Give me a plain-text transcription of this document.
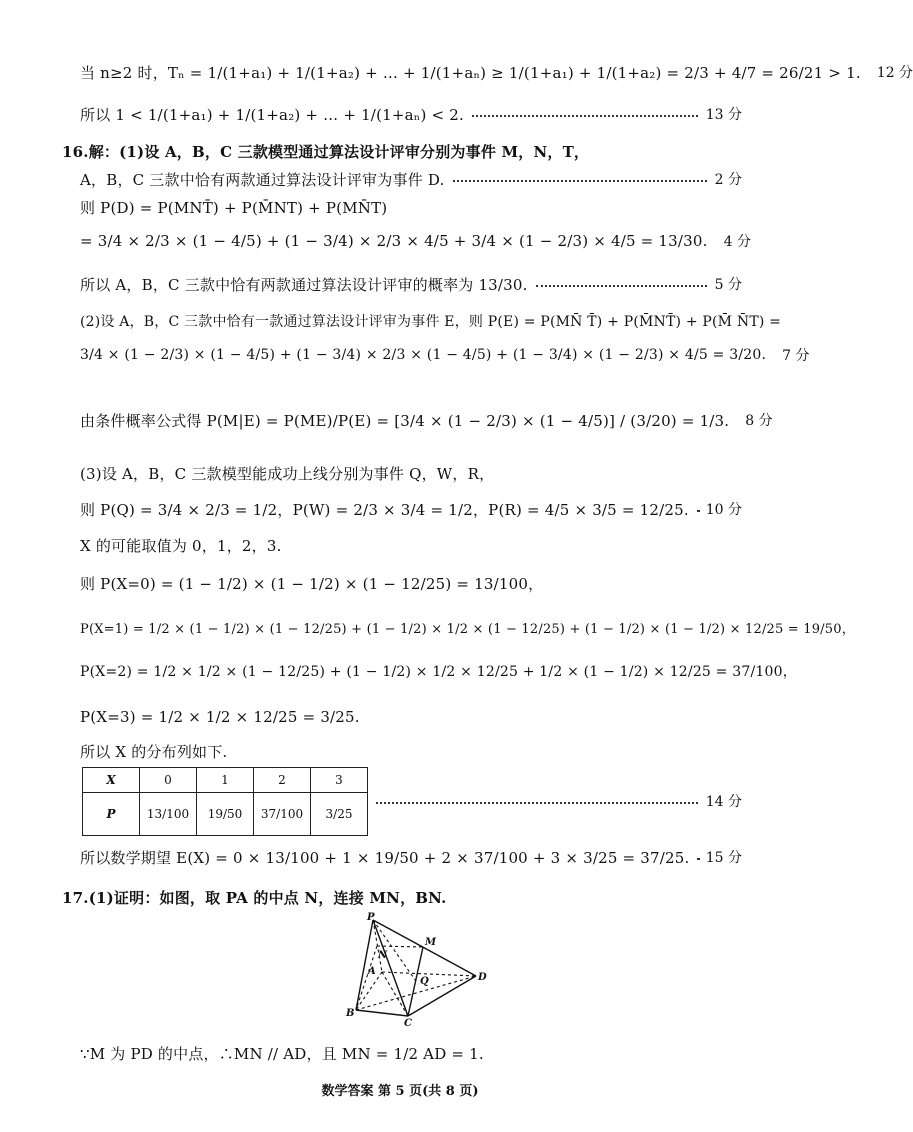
当 n≥2 时，Tₙ = 1/(1+a₁) + 1/(1+a₂) + … + 1/(1+aₙ) ≥ 1/(1+a₁) + 1/(1+a₂) = 2/3 + 4/7 = 26/21 > 1. 12 分
所以 1 < 1/(1+a₁) + 1/(1+a₂) + … + 1/(1+aₙ) < 2.	13 分
16.解：(1)设 A，B，C 三款模型通过算法设计评审分别为事件 M，N，T，
A，B，C 三款中恰有两款通过算法设计评审为事件 D.	2 分
则 P(D) = P(MNT̄) + P(M̄NT) + P(MN̄T)
= 3/4 × 2/3 × (1 − 4/5) + (1 − 3/4) × 2/3 × 4/5 + 3/4 × (1 − 2/3) × 4/5 = 13/30. 4 分
所以 A，B，C 三款中恰有两款通过算法设计评审的概率为 13/30.	5 分
(2)设 A，B，C 三款中恰有一款通过算法设计评审为事件 E，则 P(E) = P(MN̄ T̄) + P(M̄NT̄) + P(M̄ N̄T) =
3/4 × (1 − 2/3) × (1 − 4/5) + (1 − 3/4) × 2/3 × (1 − 4/5) + (1 − 3/4) × (1 − 2/3) × 4/5 = 3/20. 7 分
由条件概率公式得 P(M|E) = P(ME)/P(E) = [3/4 × (1 − 2/3) × (1 − 4/5)] / (3/20) = 1/3. 8 分
(3)设 A，B，C 三款模型能成功上线分别为事件 Q，W，R，
则 P(Q) = 3/4 × 2/3 = 1/2，P(W) = 2/3 × 3/4 = 1/2，P(R) = 4/5 × 3/5 = 12/25. 10 分
X 的可能取值为 0，1，2，3.
则 P(X=0) = (1 − 1/2) × (1 − 1/2) × (1 − 12/25) = 13/100，
P(X=1) = 1/2 × (1 − 1/2) × (1 − 12/25) + (1 − 1/2) × 1/2 × (1 − 12/25) + (1 − 1/2) × (1 − 1/2) × 12/25 = 19/50，
P(X=2) = 1/2 × 1/2 × (1 − 12/25) + (1 − 1/2) × 1/2 × 12/25 + 1/2 × (1 − 1/2) × 12/25 = 37/100，
P(X=3) = 1/2 × 1/2 × 12/25 = 3/25.
所以 X 的分布列如下.
X	0	1	2	3
P	13/100	19/50	37/100	3/25
14 分
所以数学期望 E(X) = 0 × 13/100 + 1 × 19/50 + 2 × 37/100 + 3 × 3/25 = 37/25. 15 分
17.(1)证明：如图，取 PA 的中点 N，连接 MN，BN.
P
M
N
A
Q	D
B
C
∵M 为 PD 的中点，∴MN // AD，且 MN = 1/2 AD = 1.
数学答案 第 5 页(共 8 页)
